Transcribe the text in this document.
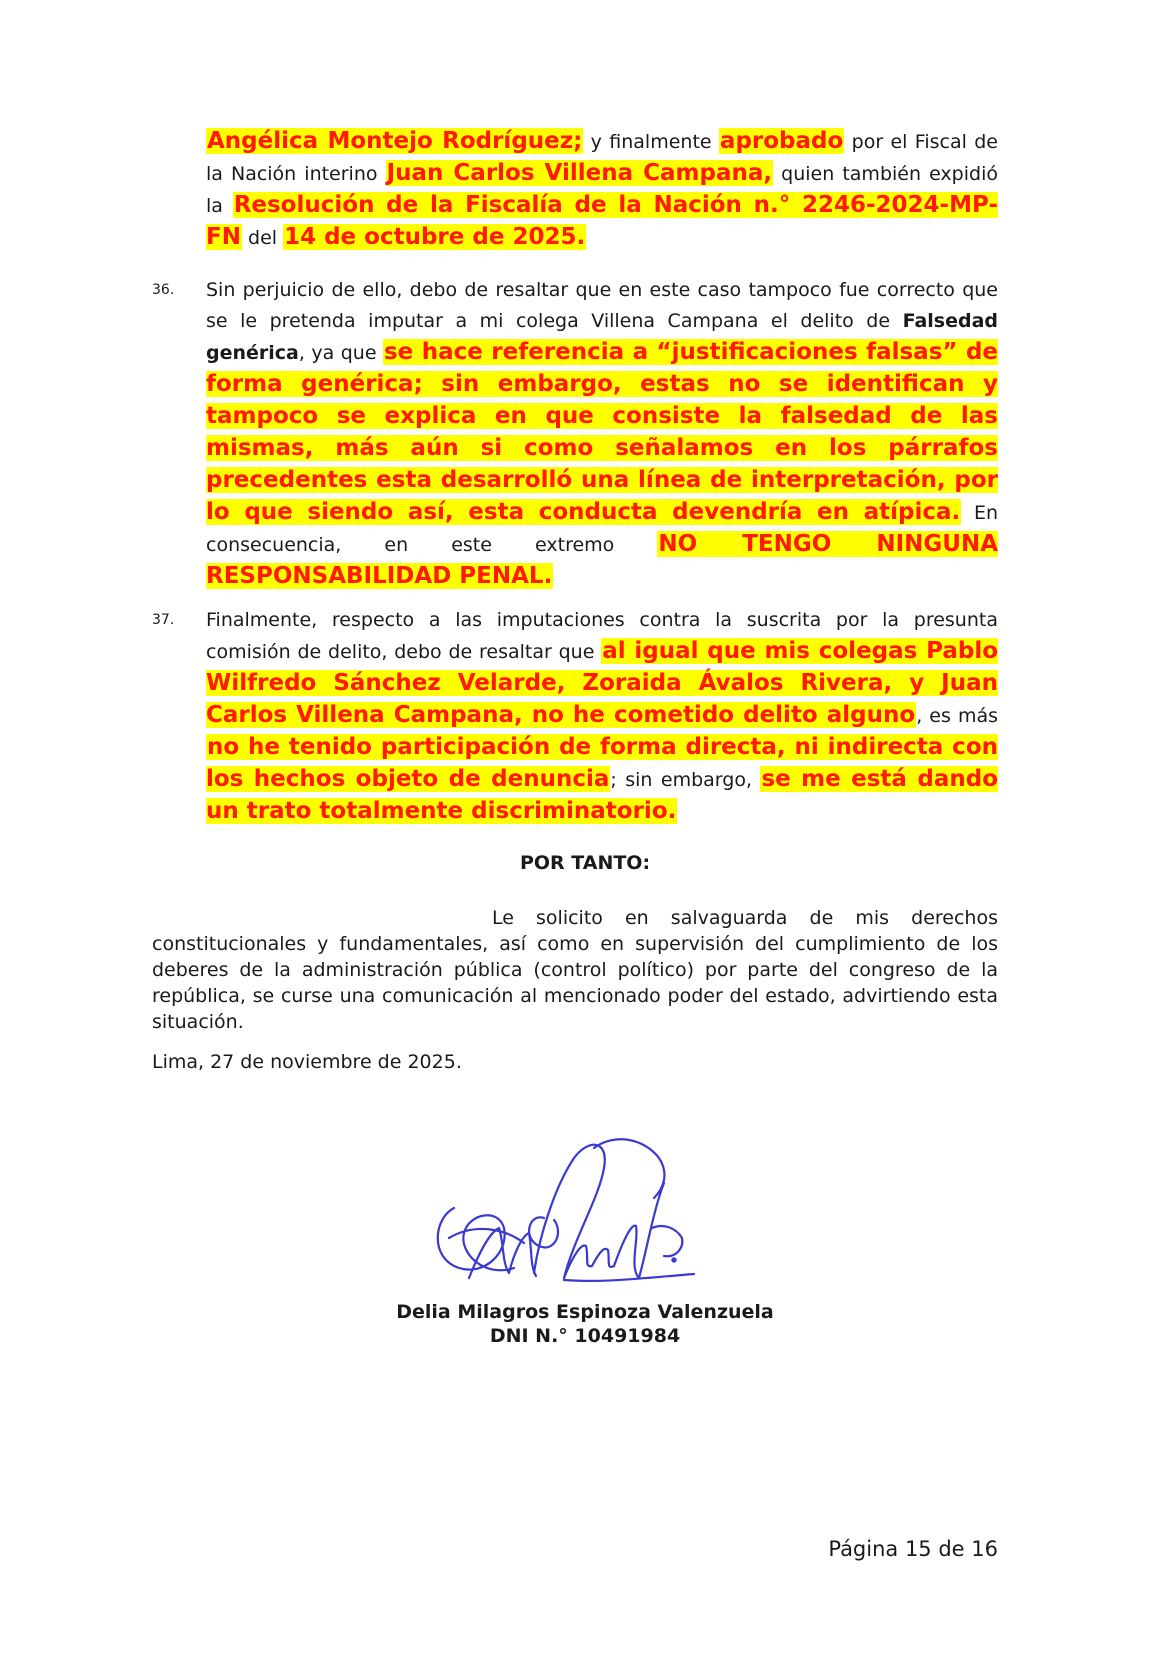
Angélica Montejo Rodríguez; y finalmente aprobado por el Fiscal de la Nación interino Juan Carlos Villena Campana, quien también expidió la Resolución de la Fiscalía de la Nación n.° 2246-2024-MP-FN del 14 de octubre de 2025.
36. Sin perjuicio de ello, debo de resaltar que en este caso tampoco fue correcto que se le pretenda imputar a mi colega Villena Campana el delito de Falsedad genérica, ya que se hace referencia a “justificaciones falsas” de forma genérica; sin embargo, estas no se identifican y tampoco se explica en que consiste la falsedad de las mismas, más aún si como señalamos en los párrafos precedentes esta desarrolló una línea de interpretación, por lo que siendo así, esta conducta devendría en atípica. En consecuencia, en este extremo NO TENGO NINGUNA RESPONSABILIDAD PENAL.
37. Finalmente, respecto a las imputaciones contra la suscrita por la presunta comisión de delito, debo de resaltar que al igual que mis colegas Pablo Wilfredo Sánchez Velarde, Zoraida Ávalos Rivera, y Juan Carlos Villena Campana, no he cometido delito alguno, es más no he tenido participación de forma directa, ni indirecta con los hechos objeto de denuncia; sin embargo, se me está dando un trato totalmente discriminatorio.
POR TANTO:
Le solicito en salvaguarda de mis derechos constitucionales y fundamentales, así como en supervisión del cumplimiento de los deberes de la administración pública (control político) por parte del congreso de la república, se curse una comunicación al mencionado poder del estado, advirtiendo esta situación.
Lima, 27 de noviembre de 2025.
Delia Milagros Espinoza Valenzuela
DNI N.° 10491984
Página 15 de 16
